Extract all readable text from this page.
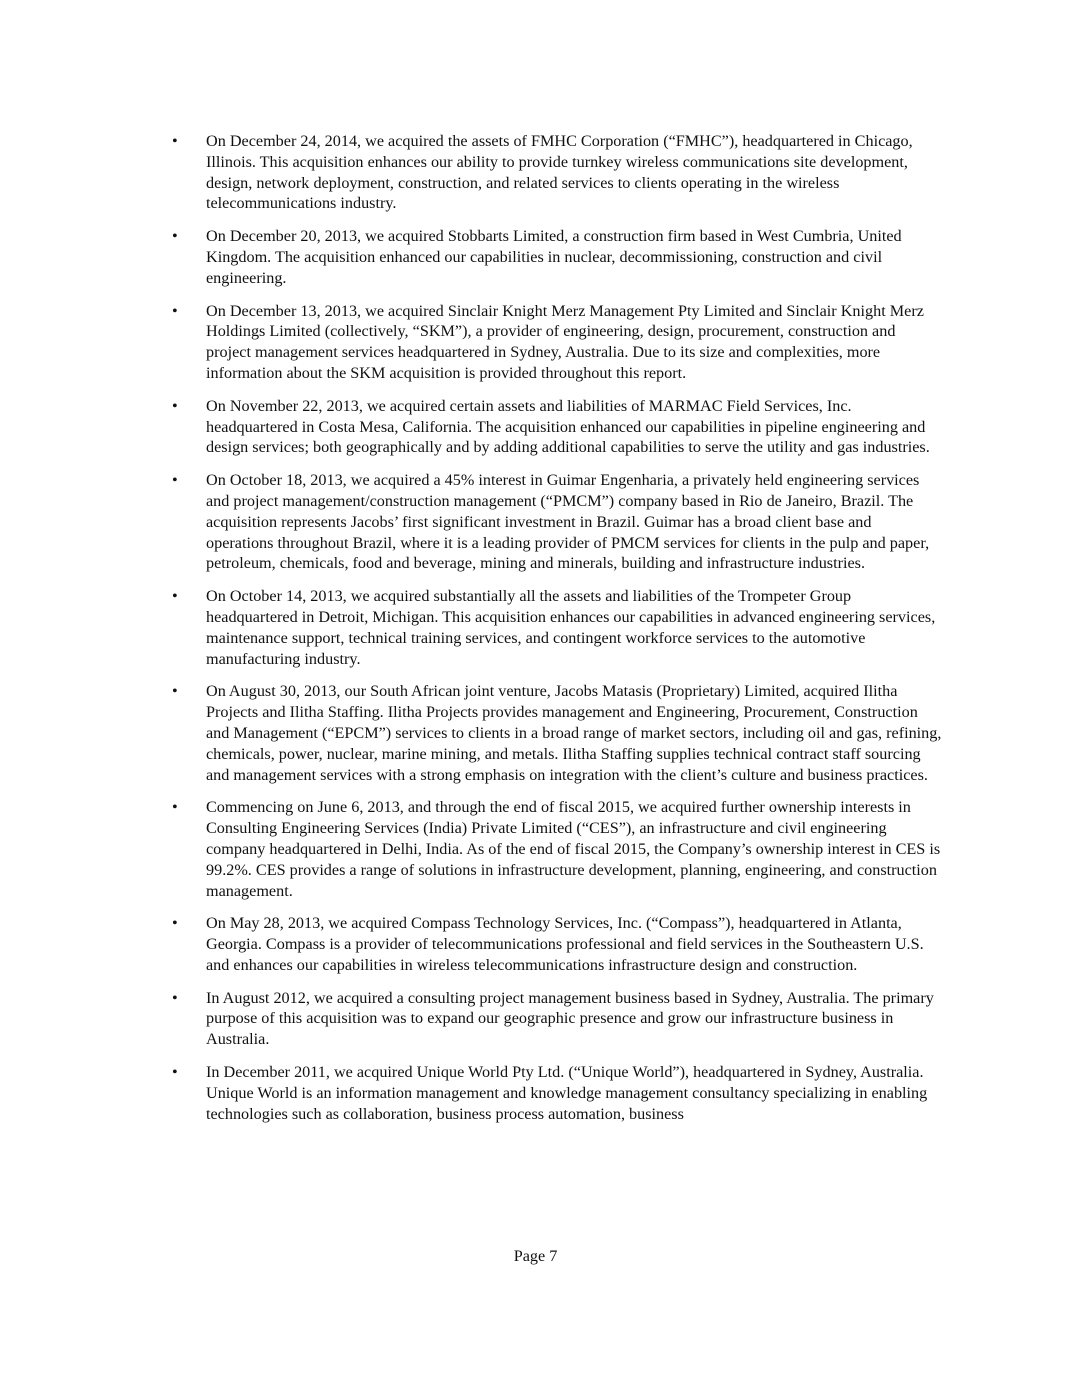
•	On December 24, 2014, we acquired the assets of FMHC Corporation (“FMHC”), headquartered in Chicago, Illinois. This acquisition enhances our ability to provide turnkey wireless communications site development, design, network deployment, construction, and related services to clients operating in the wireless telecommunications industry.
•	On December 20, 2013, we acquired Stobbarts Limited, a construction firm based in West Cumbria, United Kingdom. The acquisition enhanced our capabilities in nuclear, decommissioning, construction and civil engineering.
•	On December 13, 2013, we acquired Sinclair Knight Merz Management Pty Limited and Sinclair Knight Merz Holdings Limited (collectively, “SKM”), a provider of engineering, design, procurement, construction and project management services headquartered in Sydney, Australia. Due to its size and complexities, more information about the SKM acquisition is provided throughout this report.
•	On November 22, 2013, we acquired certain assets and liabilities of MARMAC Field Services, Inc. headquartered in Costa Mesa, California. The acquisition enhanced our capabilities in pipeline engineering and design services; both geographically and by adding additional capabilities to serve the utility and gas industries.
•	On October 18, 2013, we acquired a 45% interest in Guimar Engenharia, a privately held engineering services and project management/construction management (“PMCM”) company based in Rio de Janeiro, Brazil. The acquisition represents Jacobs’ first significant investment in Brazil. Guimar has a broad client base and operations throughout Brazil, where it is a leading provider of PMCM services for clients in the pulp and paper, petroleum, chemicals, food and beverage, mining and minerals, building and infrastructure industries.
•	On October 14, 2013, we acquired substantially all the assets and liabilities of the Trompeter Group headquartered in Detroit, Michigan. This acquisition enhances our capabilities in advanced engineering services, maintenance support, technical training services, and contingent workforce services to the automotive manufacturing industry.
•	On August 30, 2013, our South African joint venture, Jacobs Matasis (Proprietary) Limited, acquired Ilitha Projects and Ilitha Staffing. Ilitha Projects provides management and Engineering, Procurement, Construction and Management (“EPCM”) services to clients in a broad range of market sectors, including oil and gas, refining, chemicals, power, nuclear, marine mining, and metals. Ilitha Staffing supplies technical contract staff sourcing and management services with a strong emphasis on integration with the client’s culture and business practices.
•	Commencing on June 6, 2013, and through the end of fiscal 2015, we acquired further ownership interests in Consulting Engineering Services (India) Private Limited (“CES”), an infrastructure and civil engineering company headquartered in Delhi, India. As of the end of fiscal 2015, the Company’s ownership interest in CES is 99.2%. CES provides a range of solutions in infrastructure development, planning, engineering, and construction management.
•	On May 28, 2013, we acquired Compass Technology Services, Inc. (“Compass”), headquartered in Atlanta, Georgia. Compass is a provider of telecommunications professional and field services in the Southeastern U.S. and enhances our capabilities in wireless telecommunications infrastructure design and construction.
•	In August 2012, we acquired a consulting project management business based in Sydney, Australia. The primary purpose of this acquisition was to expand our geographic presence and grow our infrastructure business in Australia.
•	In December 2011, we acquired Unique World Pty Ltd. (“Unique World”), headquartered in Sydney, Australia. Unique World is an information management and knowledge management consultancy specializing in enabling technologies such as collaboration, business process automation, business
Page 7
